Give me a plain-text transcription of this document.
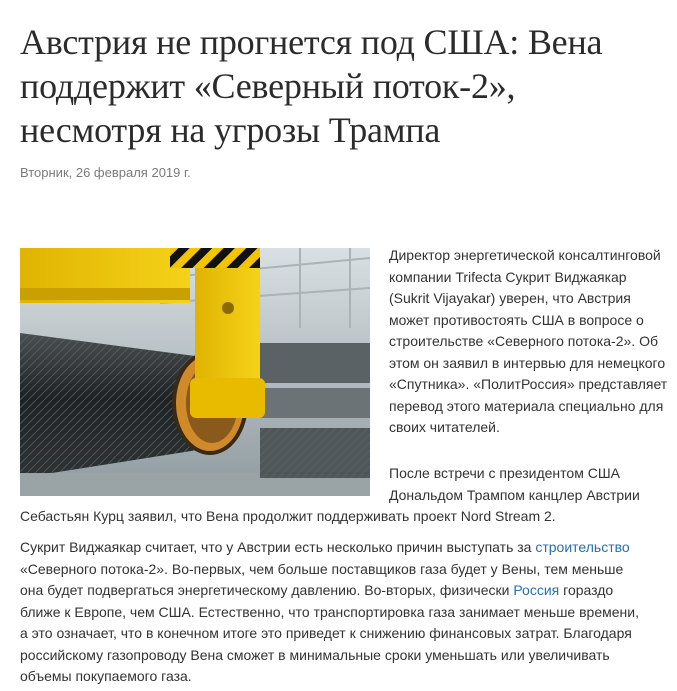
Австрия не прогнется под США: Вена поддержит «Северный поток-2», несмотря на угрозы Трампа
Вторник, 26 февраля 2019 г.

Директор энергетической консалтинговой компании Trifecta Сукрит Виджаякар (Sukrit Vijayakar) уверен, что Австрия может противостоять США в вопросе о строительстве «Северного потока-2». Об этом он заявил в интервью для немецкого «Спутника». «ПолитРоссия» представляет перевод этого материала специально для своих читателей.

После встречи с президентом США Дональдом Трампом канцлер Австрии

Себастьян Курц заявил, что Вена продолжит поддерживать проект Nord Stream 2.

Сукрит Виджаякар считает, что у Австрии есть несколько причин выступать за строительство «Северного потока-2». Во-первых, чем больше поставщиков газа будет у Вены, тем меньше она будет подвергаться энергетическому давлению. Во-вторых, физически Россия гораздо ближе к Европе, чем США. Естественно, что транспортировка газа занимает меньше времени, а это означает, что в конечном итоге это приведет к снижению финансовых затрат. Благодаря российскому газопроводу Вена сможет в минимальные сроки уменьшать или увеличивать объемы покупаемого газа.
